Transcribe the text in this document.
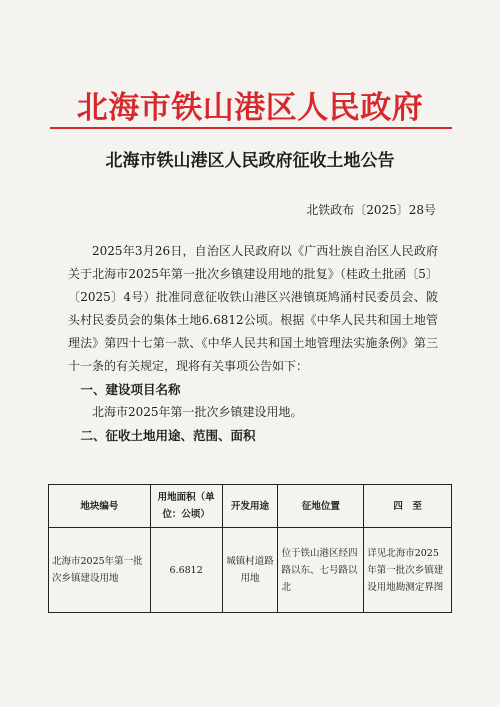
北海市铁山港区人民政府
北海市铁山港区人民政府征收土地公告
北铁政布〔2025〕28号

2025年3月26日，自治区人民政府以《广西壮族自治区人民政府关于北海市2025年第一批次乡镇建设用地的批复》（桂政土批函〔5〕〔2025〕4号）批准同意征收铁山港区兴港镇斑鸠涌村民委员会、陂头村民委员会的集体土地6.6812公顷。根据《中华人民共和国土地管理法》第四十七第一款、《中华人民共和国土地管理法实施条例》第三十一条的有关规定，现将有关事项公告如下：

一、建设项目名称

北海市2025年第一批次乡镇建设用地。

二、征收土地用途、范围、面积

地块编号	用地面积（单位：公顷）	开发用途	征地位置	四　至
北海市2025年第一批次乡镇建设用地	6.6812	城镇村道路用地	位于铁山港区经四路以东、七号路以北	详见北海市2025年第一批次乡镇建设用地勘测定界图
